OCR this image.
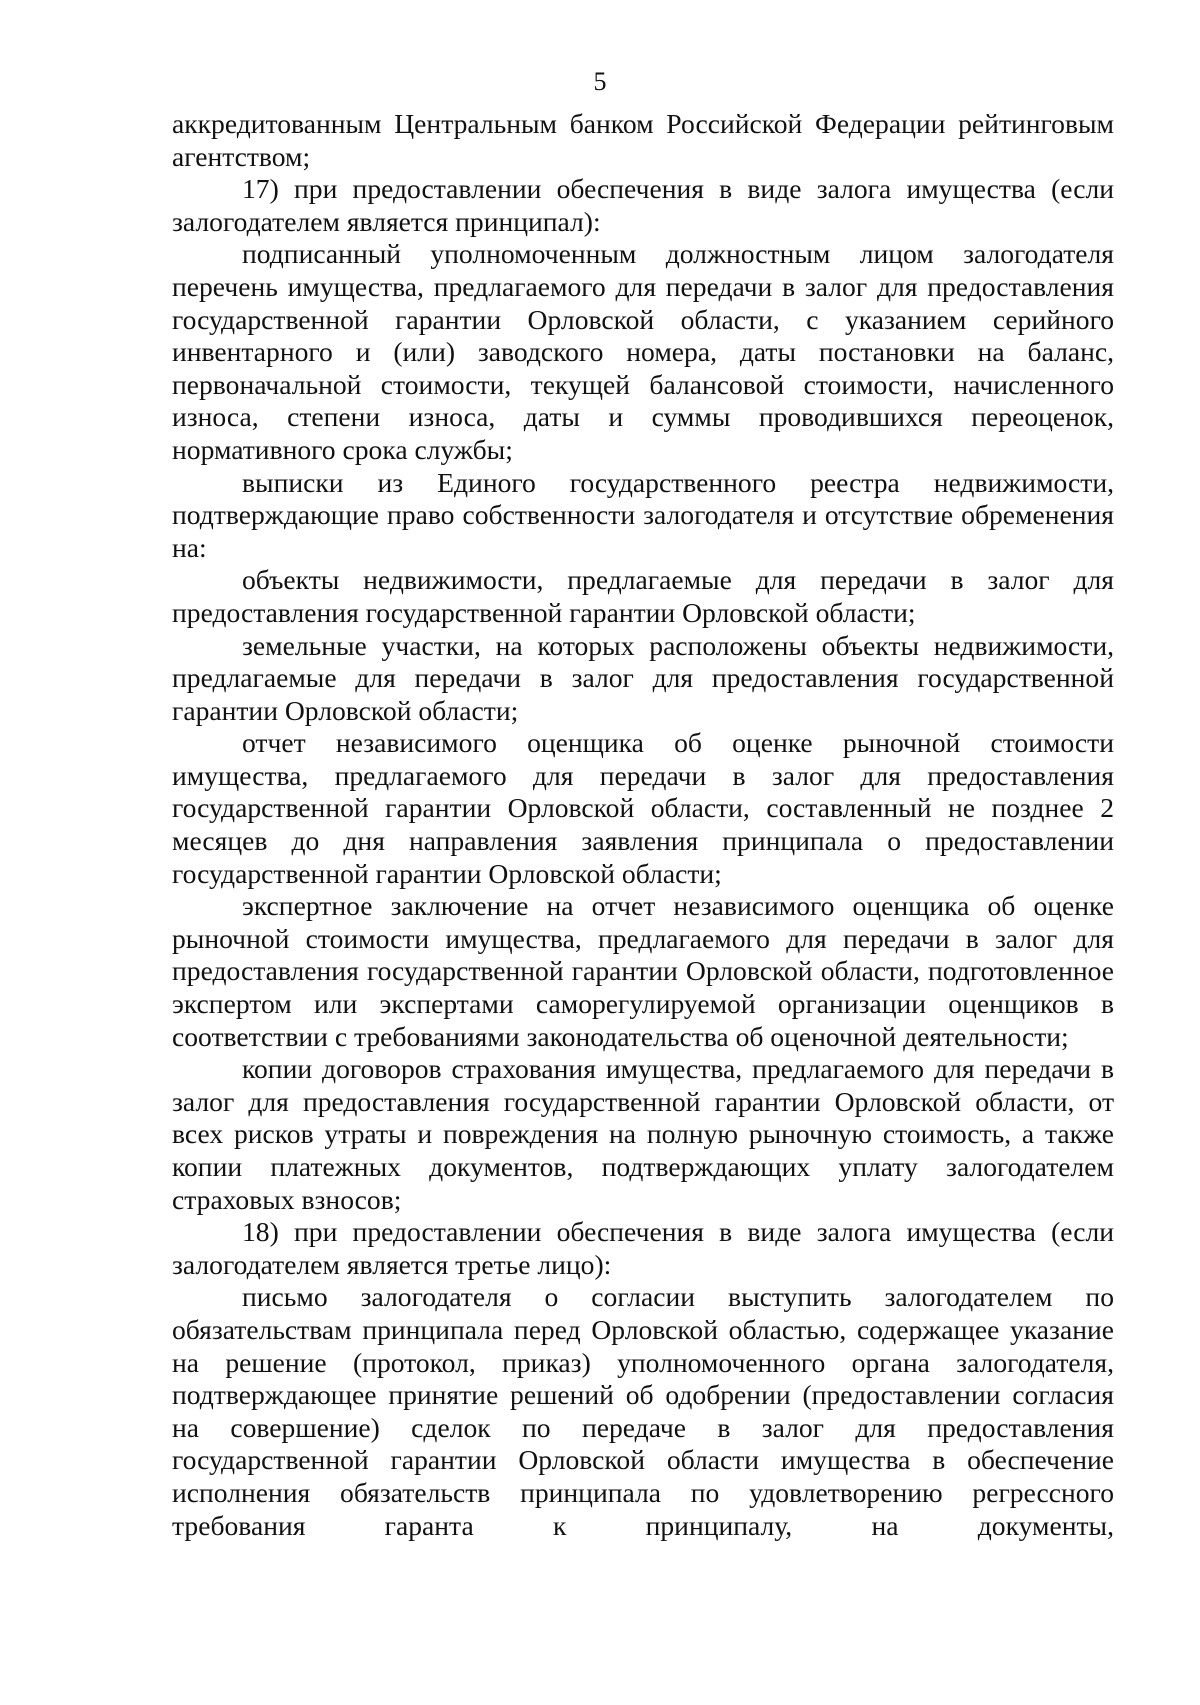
5

аккредитованным Центральным банком Российской Федерации рейтинговым агентством;

17) при предоставлении обеспечения в виде залога имущества (если залогодателем является принципал):

подписанный уполномоченным должностным лицом залогодателя перечень имущества, предлагаемого для передачи в залог для предоставления государственной гарантии Орловской области, с указанием серийного инвентарного и (или) заводского номера, даты постановки на баланс, первоначальной стоимости, текущей балансовой стоимости, начисленного износа, степени износа, даты и суммы проводившихся переоценок, нормативного срока службы;

выписки из Единого государственного реестра недвижимости, подтверждающие право собственности залогодателя и отсутствие обременения на:

объекты недвижимости, предлагаемые для передачи в залог для предоставления государственной гарантии Орловской области;

земельные участки, на которых расположены объекты недвижимости, предлагаемые для передачи в залог для предоставления государственной гарантии Орловской области;

отчет независимого оценщика об оценке рыночной стоимости имущества, предлагаемого для передачи в залог для предоставления государственной гарантии Орловской области, составленный не позднее 2 месяцев до дня направления заявления принципала о предоставлении государственной гарантии Орловской области;

экспертное заключение на отчет независимого оценщика об оценке рыночной стоимости имущества, предлагаемого для передачи в залог для предоставления государственной гарантии Орловской области, подготовленное экспертом или экспертами саморегулируемой организации оценщиков в соответствии с требованиями законодательства об оценочной деятельности;

копии договоров страхования имущества, предлагаемого для передачи в залог для предоставления государственной гарантии Орловской области, от всех рисков утраты и повреждения на полную рыночную стоимость, а также копии платежных документов, подтверждающих уплату залогодателем страховых взносов;

18) при предоставлении обеспечения в виде залога имущества (если залогодателем является третье лицо):

письмо залогодателя о согласии выступить залогодателем по обязательствам принципала перед Орловской областью, содержащее указание на решение (протокол, приказ) уполномоченного органа залогодателя, подтверждающее принятие решений об одобрении (предоставлении согласия на совершение) сделок по передаче в залог для предоставления государственной гарантии Орловской области имущества в обеспечение исполнения обязательств принципала по удовлетворению регрессного требования гаранта к принципалу, на документы,
